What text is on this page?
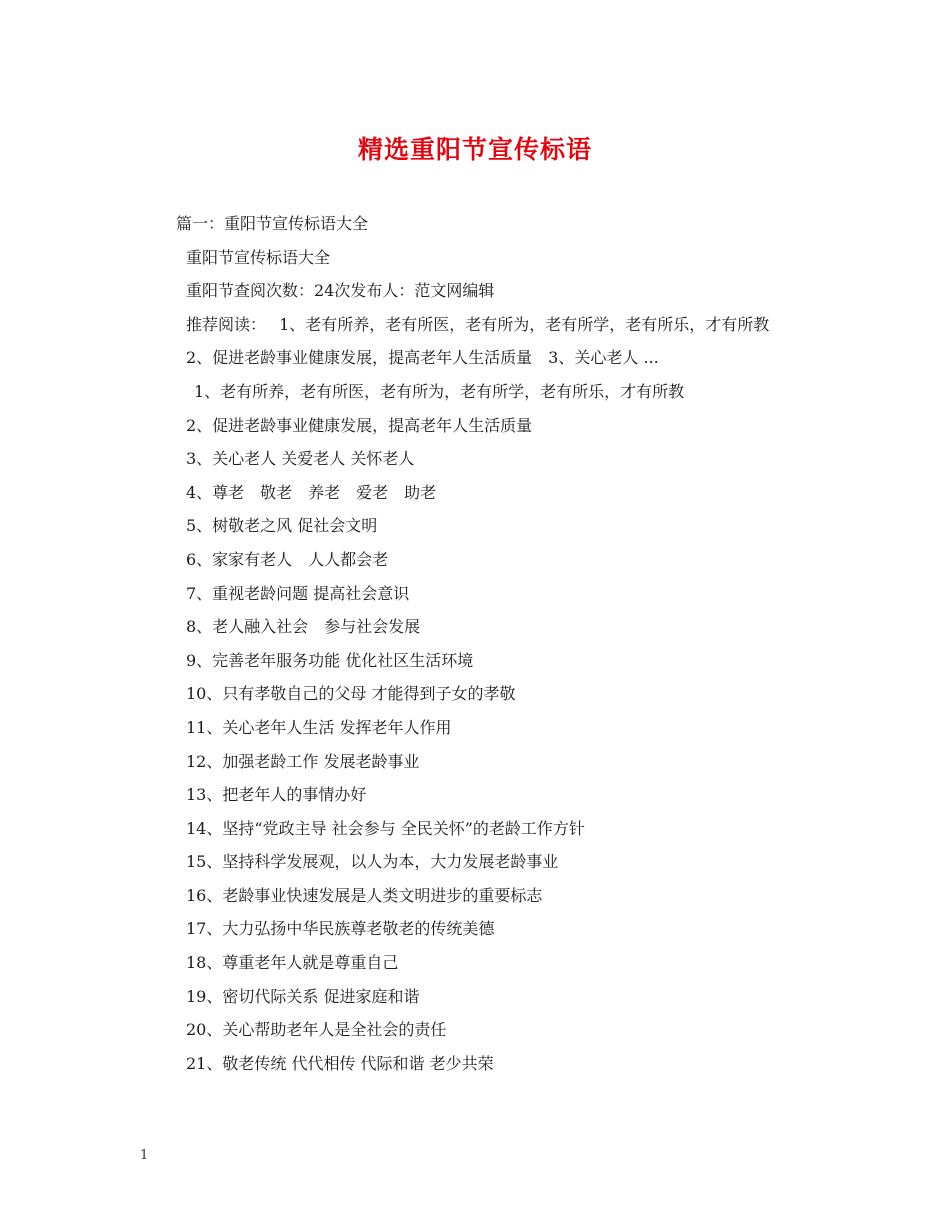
精选重阳节宣传标语

篇一：重阳节宣传标语大全

重阳节宣传标语大全

重阳节查阅次数：24次发布人：范文网编辑

推荐阅读：　 1、老有所养，老有所医，老有所为，老有所学，老有所乐，才有所教

2、促进老龄事业健康发展，提高老年人生活质量　3、关心老人 ...

1、老有所养，老有所医，老有所为，老有所学，老有所乐，才有所教

2、促进老龄事业健康发展，提高老年人生活质量

3、关心老人 关爱老人 关怀老人

4、尊老　敬老　养老　爱老　助老

5、树敬老之风 促社会文明

6、家家有老人　人人都会老

7、重视老龄问题 提高社会意识

8、老人融入社会　参与社会发展

9、完善老年服务功能 优化社区生活环境

10、只有孝敬自己的父母 才能得到子女的孝敬

11、关心老年人生活 发挥老年人作用

12、加强老龄工作 发展老龄事业

13、把老年人的事情办好

14、坚持“党政主导 社会参与 全民关怀”的老龄工作方针

15、坚持科学发展观，以人为本，大力发展老龄事业

16、老龄事业快速发展是人类文明进步的重要标志

17、大力弘扬中华民族尊老敬老的传统美德

18、尊重老年人就是尊重自己

19、密切代际关系 促进家庭和谐

20、关心帮助老年人是全社会的责任

21、敬老传统 代代相传 代际和谐 老少共荣

1
